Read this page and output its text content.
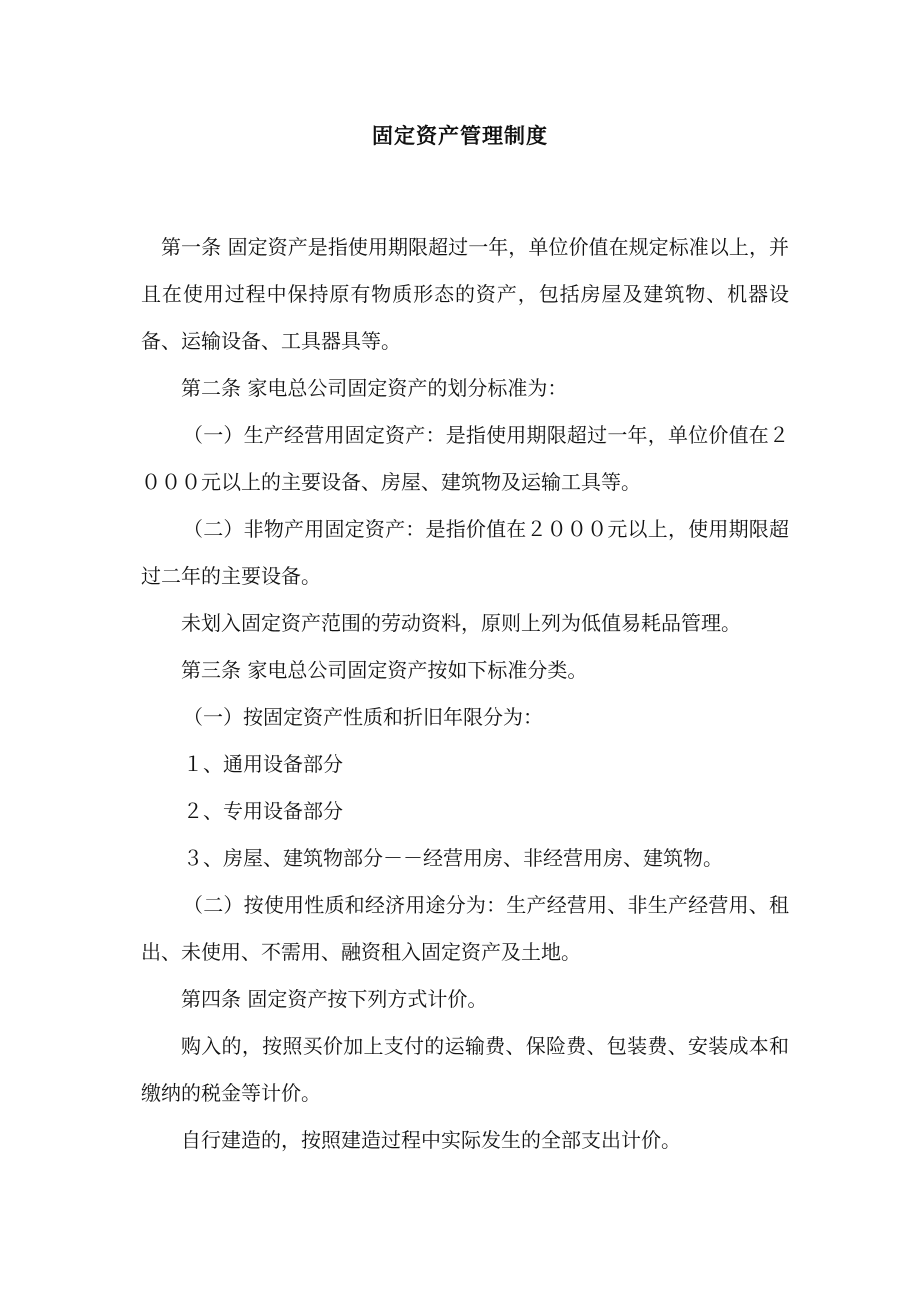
固定资产管理制度

第一条 固定资产是指使用期限超过一年，单位价值在规定标准以上，并且在使用过程中保持原有物质形态的资产，包括房屋及建筑物、机器设备、运输设备、工具器具等。

第二条 家电总公司固定资产的划分标准为：

（一）生产经营用固定资产：是指使用期限超过一年，单位价值在２０００元以上的主要设备、房屋、建筑物及运输工具等。

（二）非物产用固定资产：是指价值在２０００元以上，使用期限超过二年的主要设备。

未划入固定资产范围的劳动资料，原则上列为低值易耗品管理。

第三条 家电总公司固定资产按如下标准分类。

（一）按固定资产性质和折旧年限分为：

１、通用设备部分

２、专用设备部分

３、房屋、建筑物部分－－经营用房、非经营用房、建筑物。

（二）按使用性质和经济用途分为：生产经营用、非生产经营用、租出、未使用、不需用、融资租入固定资产及土地。

第四条 固定资产按下列方式计价。

购入的，按照买价加上支付的运输费、保险费、包装费、安装成本和缴纳的税金等计价。

自行建造的，按照建造过程中实际发生的全部支出计价。
